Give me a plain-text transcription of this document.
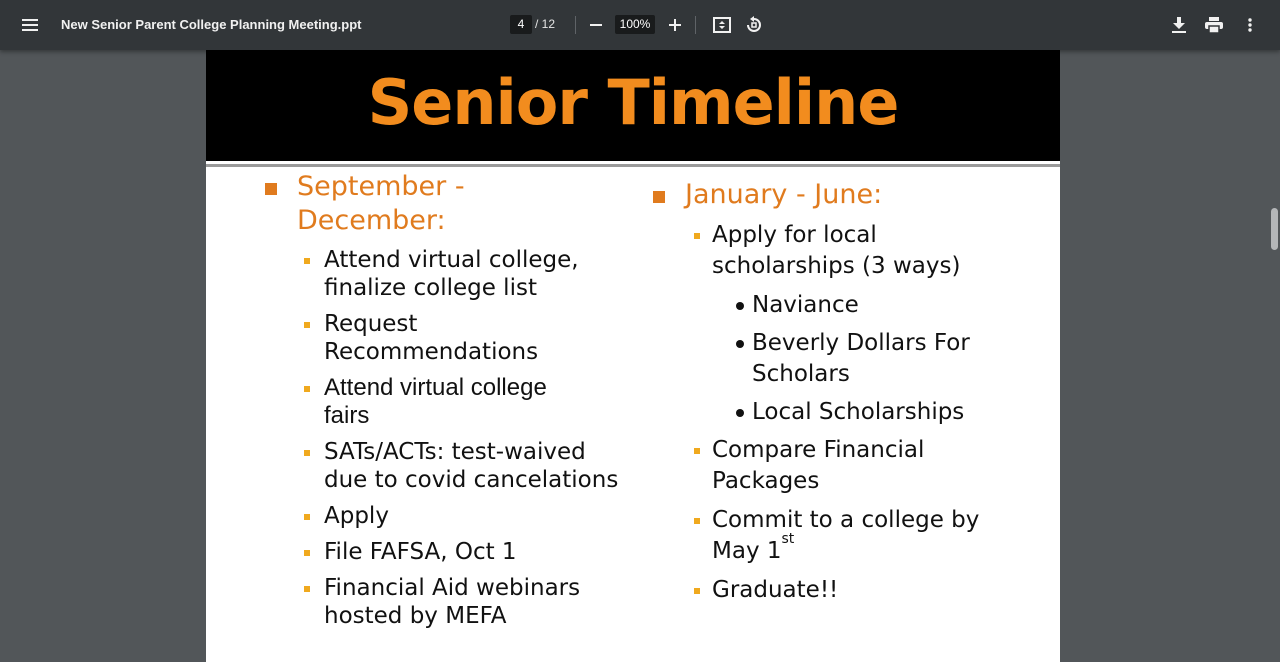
New Senior Parent College Planning Meeting.ppt	4 / 12	100%
Senior Timeline
September -
December:
Attend virtual college,
finalize college list
Request
Recommendations
Attend virtual college
fairs
SATs/ACTs: test-waived
due to covid cancelations
Apply
File FAFSA, Oct 1
Financial Aid webinars
hosted by MEFA
January - June:
Apply for local
scholarships (3 ways)
Naviance
Beverly Dollars For
Scholars
Local Scholarships
Compare Financial
Packages
Commit to a college by
May 1st
Graduate!!
